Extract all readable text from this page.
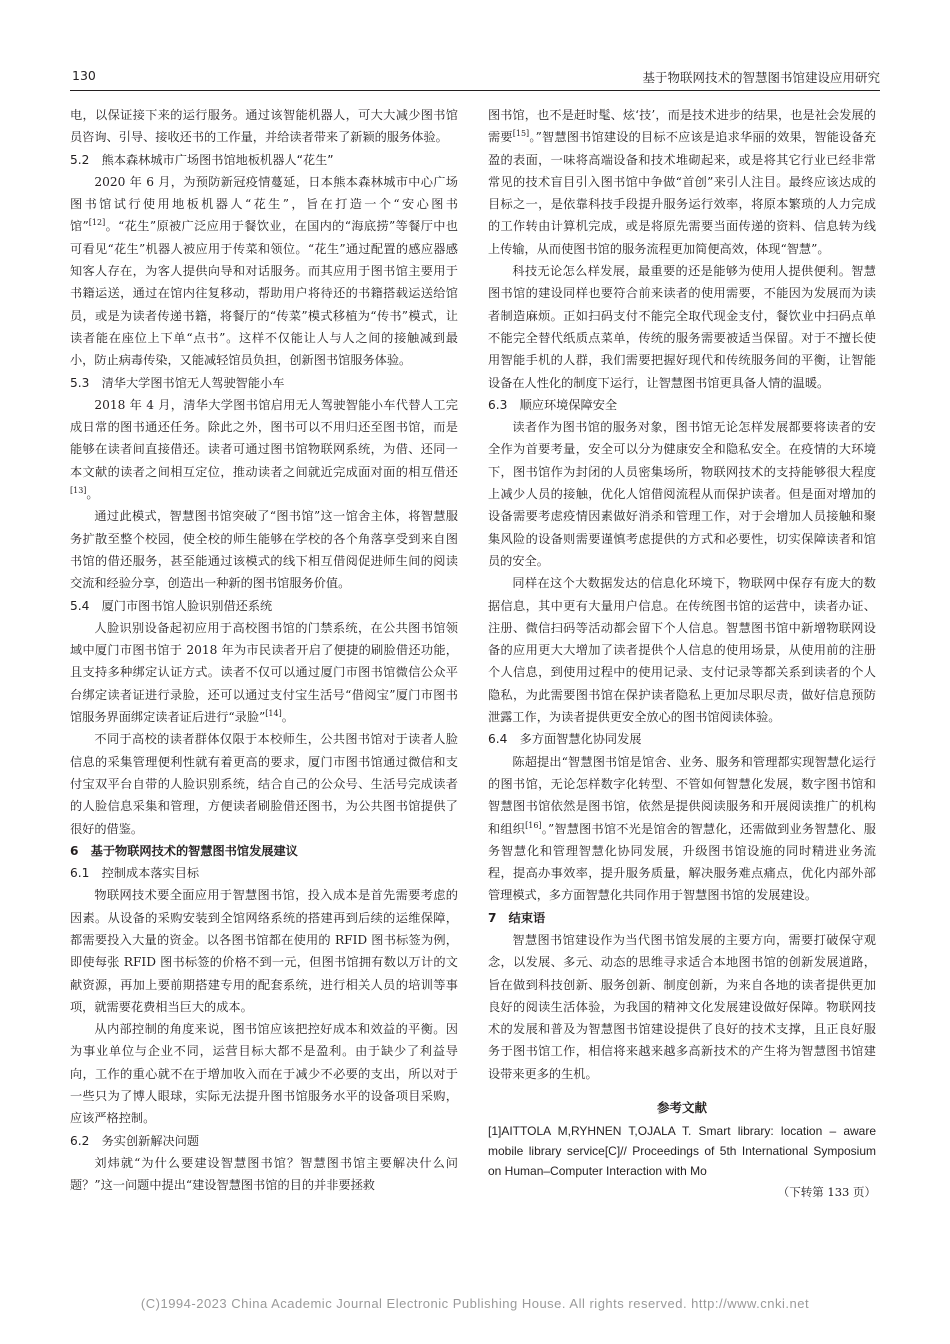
130	基于物联网技术的智慧图书馆建设应用研究

电，以保证接下来的运行服务。通过该智能机器人，可大大减少图书馆员咨询、引导、接收还书的工作量，并给读者带来了新颖的服务体验。

5.2　熊本森林城市广场图书馆地板机器人“花生”

2020 年 6 月，为预防新冠疫情蔓延，日本熊本森林城市中心广场图书馆试行使用地板机器人“花生”，旨在打造一个“安心图书馆”[12]。“花生”原被广泛应用于餐饮业，在国内的“海底捞”等餐厅中也可看见“花生”机器人被应用于传菜和领位。“花生”通过配置的感应器感知客人存在，为客人提供向导和对话服务。而其应用于图书馆主要用于书籍运送，通过在馆内往复移动，帮助用户将待还的书籍搭载运送给馆员，或是为读者传递书籍，将餐厅的“传菜”模式移植为“传书”模式，让读者能在座位上下单“点书”。这样不仅能让人与人之间的接触减到最小，防止病毒传染，又能减轻馆员负担，创新图书馆服务体验。

5.3　清华大学图书馆无人驾驶智能小车

2018 年 4 月，清华大学图书馆启用无人驾驶智能小车代替人工完成日常的图书通还任务。除此之外，图书可以不用归还至图书馆，而是能够在读者间直接借还。读者可通过图书馆物联网系统，为借、还同一本文献的读者之间相互定位，推动读者之间就近完成面对面的相互借还[13]。

通过此模式，智慧图书馆突破了“图书馆”这一馆舍主体，将智慧服务扩散至整个校园，使全校的师生能够在学校的各个角落享受到来自图书馆的借还服务，甚至能通过该模式的线下相互借阅促进师生间的阅读交流和经验分享，创造出一种新的图书馆服务价值。

5.4　厦门市图书馆人脸识别借还系统

人脸识别设备起初应用于高校图书馆的门禁系统，在公共图书馆领域中厦门市图书馆于 2018 年为市民读者开启了便捷的刷脸借还功能，且支持多种绑定认证方式。读者不仅可以通过厦门市图书馆微信公众平台绑定读者证进行录脸，还可以通过支付宝生活号“借阅宝”厦门市图书馆服务界面绑定读者证后进行“录脸”[14]。

不同于高校的读者群体仅限于本校师生，公共图书馆对于读者人脸信息的采集管理便利性就有着更高的要求，厦门市图书馆通过微信和支付宝双平台自带的人脸识别系统，结合自己的公众号、生活号完成读者的人脸信息采集和管理，方便读者刷脸借还图书，为公共图书馆提供了很好的借鉴。

6　基于物联网技术的智慧图书馆发展建议

6.1　控制成本落实目标

物联网技术要全面应用于智慧图书馆，投入成本是首先需要考虑的因素。从设备的采购安装到全馆网络系统的搭建再到后续的运维保障，都需要投入大量的资金。以各图书馆都在使用的 RFID 图书标签为例，即使每张 RFID 图书标签的价格不到一元，但图书馆拥有数以万计的文献资源，再加上要前期搭建专用的配套系统，进行相关人员的培训等事项，就需要花费相当巨大的成本。

从内部控制的角度来说，图书馆应该把控好成本和效益的平衡。因为事业单位与企业不同，运营目标大都不是盈利。由于缺少了利益导向，工作的重心就不在于增加收入而在于减少不必要的支出，所以对于一些只为了博人眼球，实际无法提升图书馆服务水平的设备项目采购，应该严格控制。

6.2　务实创新解决问题

刘炜就“为什么要建设智慧图书馆？智慧图书馆主要解决什么问题？”这一问题中提出“建设智慧图书馆的目的并非要拯救

图书馆，也不是赶时髦、炫‘技’，而是技术进步的结果，也是社会发展的需要[15]。”智慧图书馆建设的目标不应该是追求华丽的效果，智能设备充盈的表面，一味将高端设备和技术堆砌起来，或是将其它行业已经非常常见的技术盲目引入图书馆中争做“首创”来引人注目。最终应该达成的目标之一，是依靠科技手段提升服务运行效率，将原本繁琐的人力完成的工作转由计算机完成，或是将原先需要当面传递的资料、信息转为线上传输，从而使图书馆的服务流程更加简便高效，体现“智慧”。

科技无论怎么样发展，最重要的还是能够为使用人提供便利。智慧图书馆的建设同样也要符合前来读者的使用需要，不能因为发展而为读者制造麻烦。正如扫码支付不能完全取代现金支付，餐饮业中扫码点单不能完全替代纸质点菜单，传统的服务需要被适当保留。对于不擅长使用智能手机的人群，我们需要把握好现代和传统服务间的平衡，让智能设备在人性化的制度下运行，让智慧图书馆更具备人情的温暖。

6.3　顺应环境保障安全

读者作为图书馆的服务对象，图书馆无论怎样发展都要将读者的安全作为首要考量，安全可以分为健康安全和隐私安全。在疫情的大环境下，图书馆作为封闭的人员密集场所，物联网技术的支持能够很大程度上减少人员的接触，优化人馆借阅流程从而保护读者。但是面对增加的设备需要考虑疫情因素做好消杀和管理工作，对于会增加人员接触和聚集风险的设备则需要谨慎考虑提供的方式和必要性，切实保障读者和馆员的安全。

同样在这个大数据发达的信息化环境下，物联网中保存有庞大的数据信息，其中更有大量用户信息。在传统图书馆的运营中，读者办证、注册、微信扫码等活动都会留下个人信息。智慧图书馆中新增物联网设备的应用更大大增加了读者提供个人信息的使用场景，从使用前的注册个人信息，到使用过程中的使用记录、支付记录等都关系到读者的个人隐私，为此需要图书馆在保护读者隐私上更加尽职尽责，做好信息预防泄露工作，为读者提供更安全放心的图书馆阅读体验。

6.4　多方面智慧化协同发展

陈超提出“智慧图书馆是馆舍、业务、服务和管理都实现智慧化运行的图书馆，无论怎样数字化转型、不管如何智慧化发展，数字图书馆和智慧图书馆依然是图书馆，依然是提供阅读服务和开展阅读推广的机构和组织[16]。”智慧图书馆不光是馆舍的智慧化，还需做到业务智慧化、服务智慧化和管理智慧化协同发展，升级图书馆设施的同时精进业务流程，提高办事效率，提升服务质量，解决服务难点痛点，优化内部外部管理模式，多方面智慧化共同作用于智慧图书馆的发展建设。

7　结束语

智慧图书馆建设作为当代图书馆发展的主要方向，需要打破保守观念，以发展、多元、动态的思维寻求适合本地图书馆的创新发展道路，旨在做到科技创新、服务创新、制度创新，为来自各地的读者提供更加良好的阅读生活体验，为我国的精神文化发展建设做好保障。物联网技术的发展和普及为智慧图书馆建设提供了良好的技术支撑，且正良好服务于图书馆工作，相信将来越来越多高新技术的产生将为智慧图书馆建设带来更多的生机。

参考文献

[1]AITTOLA M,RYHNEN T,OJALA T. Smart library: location – aware mobile library service[C]// Proceedings of 5th International Symposium on Human–Computer Interaction with Mo

（下转第 133 页）

(C)1994-2023 China Academic Journal Electronic Publishing House. All rights reserved. http://www.cnki.net
